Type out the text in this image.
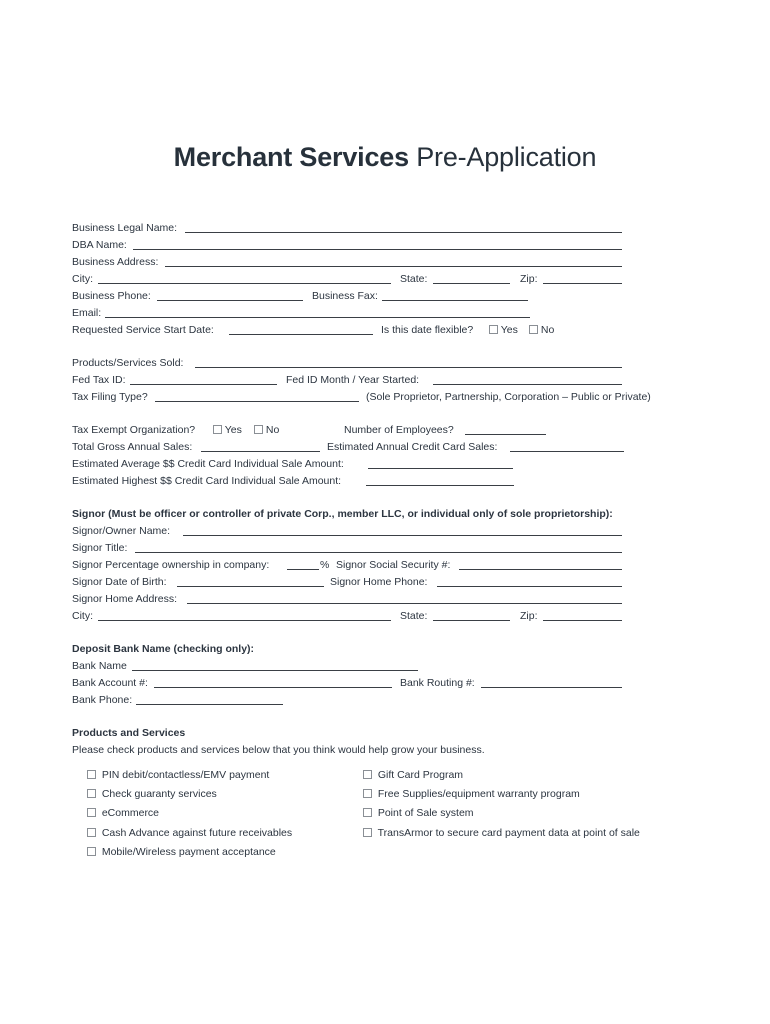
Merchant Services Pre-Application
Business Legal Name:
DBA Name:
Business Address:
City:	State:	Zip:
Business Phone:	Business Fax:
Email:
Requested Service Start Date:	Is this date flexible?	Yes	No
Products/Services Sold:
Fed Tax ID:	Fed ID Month / Year Started:
Tax Filing Type?	(Sole Proprietor, Partnership, Corporation – Public or Private)
Tax Exempt Organization?	Yes	No	Number of Employees?
Total Gross Annual Sales:	Estimated Annual Credit Card Sales:
Estimated Average $$ Credit Card Individual Sale Amount:
Estimated Highest $$ Credit Card Individual Sale Amount:
Signor (Must be officer or controller of private Corp., member LLC, or individual only of sole proprietorship):
Signor/Owner Name:
Signor Title:
Signor Percentage ownership in company:	% Signor Social Security #:
Signor Date of Birth:	Signor Home Phone:
Signor Home Address:
City:	State:	Zip:
Deposit Bank Name (checking only):
Bank Name
Bank Account #:	Bank Routing #:
Bank Phone:
Products and Services
Please check products and services below that you think would help grow your business.
PIN debit/contactless/EMV payment	Gift Card Program
Check guaranty services	Free Supplies/equipment warranty program
eCommerce	Point of Sale system
Cash Advance against future receivables	TransArmor to secure card payment data at point of sale
Mobile/Wireless payment acceptance
